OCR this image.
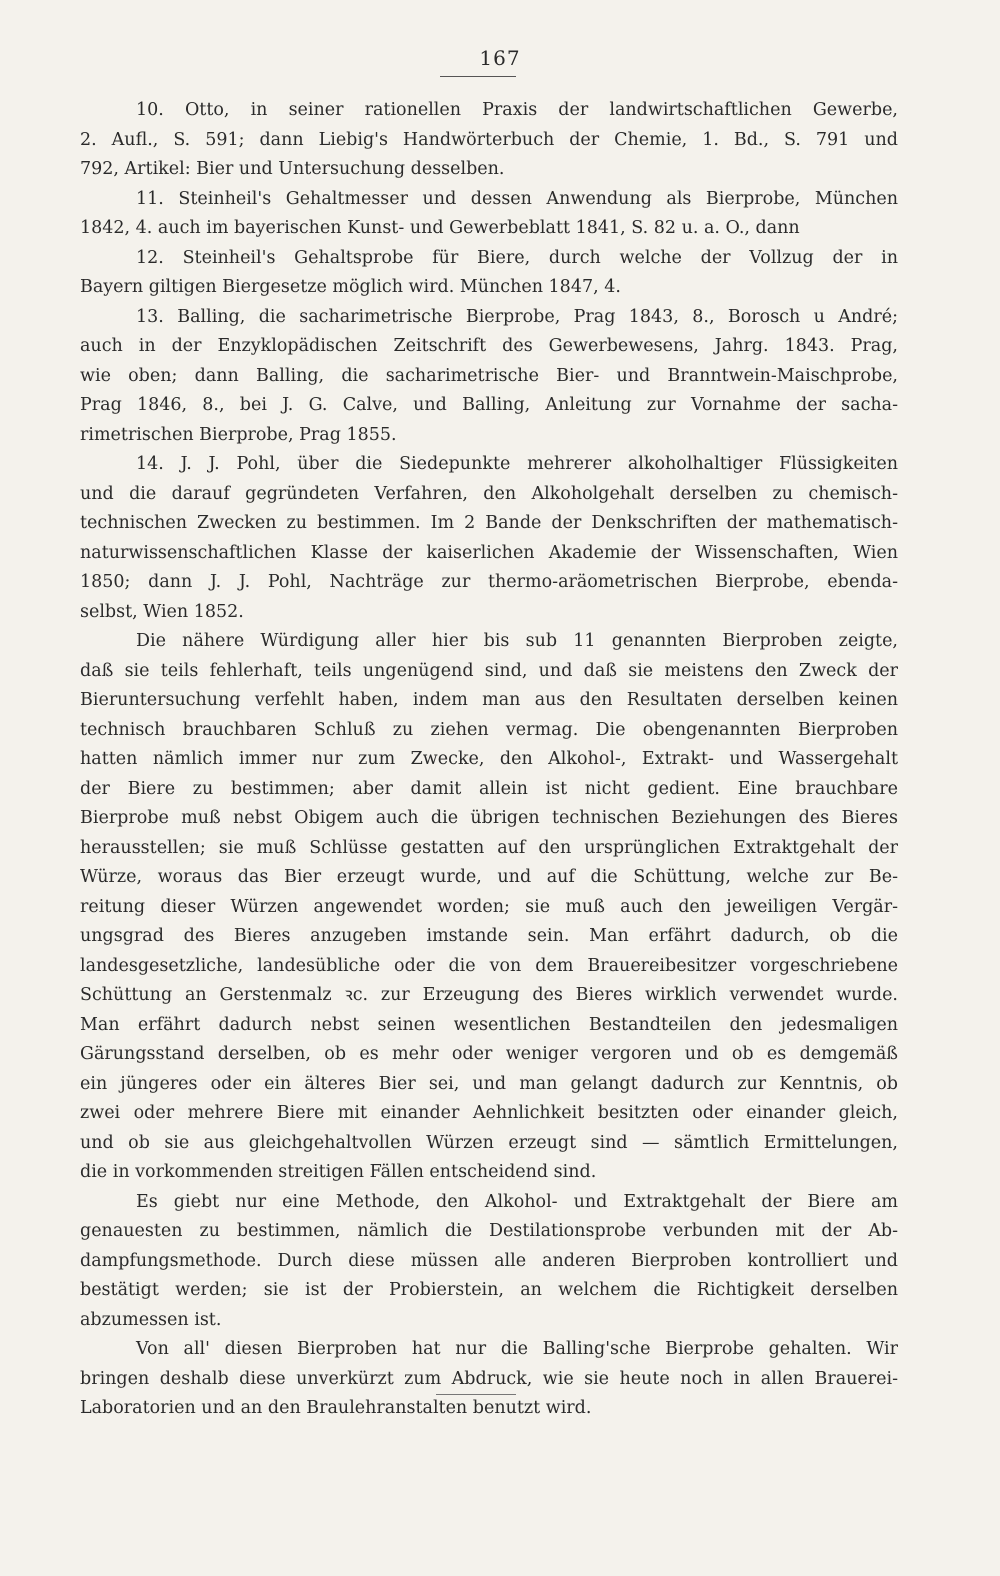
167
10. Otto, in seiner rationellen Praxis der landwirtschaftlichen Gewerbe,
2. Aufl., S. 591; dann Liebig's Handwörterbuch der Chemie, 1. Bd., S. 791 und
792, Artikel: Bier und Untersuchung desselben.
11. Steinheil's Gehaltmesser und dessen Anwendung als Bierprobe, München
1842, 4. auch im bayerischen Kunst- und Gewerbeblatt 1841, S. 82 u. a. O., dann
12. Steinheil's Gehaltsprobe für Biere, durch welche der Vollzug der in
Bayern giltigen Biergesetze möglich wird. München 1847, 4.
13. Balling, die sacharimetrische Bierprobe, Prag 1843, 8., Borosch u André;
auch in der Enzyklopädischen Zeitschrift des Gewerbewesens, Jahrg. 1843. Prag,
wie oben; dann Balling, die sacharimetrische Bier- und Branntwein-Maischprobe,
Prag 1846, 8., bei J. G. Calve, und Balling, Anleitung zur Vornahme der sacha-
rimetrischen Bierprobe, Prag 1855.
14. J. J. Pohl, über die Siedepunkte mehrerer alkoholhaltiger Flüssigkeiten
und die darauf gegründeten Verfahren, den Alkoholgehalt derselben zu chemisch-
technischen Zwecken zu bestimmen. Im 2 Bande der Denkschriften der mathematisch-
naturwissenschaftlichen Klasse der kaiserlichen Akademie der Wissenschaften, Wien
1850; dann J. J. Pohl, Nachträge zur thermo-aräometrischen Bierprobe, ebenda-
selbst, Wien 1852.
Die nähere Würdigung aller hier bis sub 11 genannten Bierproben zeigte,
daß sie teils fehlerhaft, teils ungenügend sind, und daß sie meistens den Zweck der
Bieruntersuchung verfehlt haben, indem man aus den Resultaten derselben keinen
technisch brauchbaren Schluß zu ziehen vermag. Die obengenannten Bierproben
hatten nämlich immer nur zum Zwecke, den Alkohol-, Extrakt- und Wassergehalt
der Biere zu bestimmen; aber damit allein ist nicht gedient. Eine brauchbare
Bierprobe muß nebst Obigem auch die übrigen technischen Beziehungen des Bieres
herausstellen; sie muß Schlüsse gestatten auf den ursprünglichen Extraktgehalt der
Würze, woraus das Bier erzeugt wurde, und auf die Schüttung, welche zur Be-
reitung dieser Würzen angewendet worden; sie muß auch den jeweiligen Vergär-
ungsgrad des Bieres anzugeben imstande sein. Man erfährt dadurch, ob die
landesgesetzliche, landesübliche oder die von dem Brauereibesitzer vorgeschriebene
Schüttung an Gerstenmalz ꝛc. zur Erzeugung des Bieres wirklich verwendet wurde.
Man erfährt dadurch nebst seinen wesentlichen Bestandteilen den jedesmaligen
Gärungsstand derselben, ob es mehr oder weniger vergoren und ob es demgemäß
ein jüngeres oder ein älteres Bier sei, und man gelangt dadurch zur Kenntnis, ob
zwei oder mehrere Biere mit einander Aehnlichkeit besitzten oder einander gleich,
und ob sie aus gleichgehaltvollen Würzen erzeugt sind — sämtlich Ermittelungen,
die in vorkommenden streitigen Fällen entscheidend sind.
Es giebt nur eine Methode, den Alkohol- und Extraktgehalt der Biere am
genauesten zu bestimmen, nämlich die Destilationsprobe verbunden mit der Ab-
dampfungsmethode. Durch diese müssen alle anderen Bierproben kontrolliert und
bestätigt werden; sie ist der Probierstein, an welchem die Richtigkeit derselben
abzumessen ist.
Von all' diesen Bierproben hat nur die Balling'sche Bierprobe gehalten. Wir
bringen deshalb diese unverkürzt zum Abdruck, wie sie heute noch in allen Brauerei-
Laboratorien und an den Braulehranstalten benutzt wird.
